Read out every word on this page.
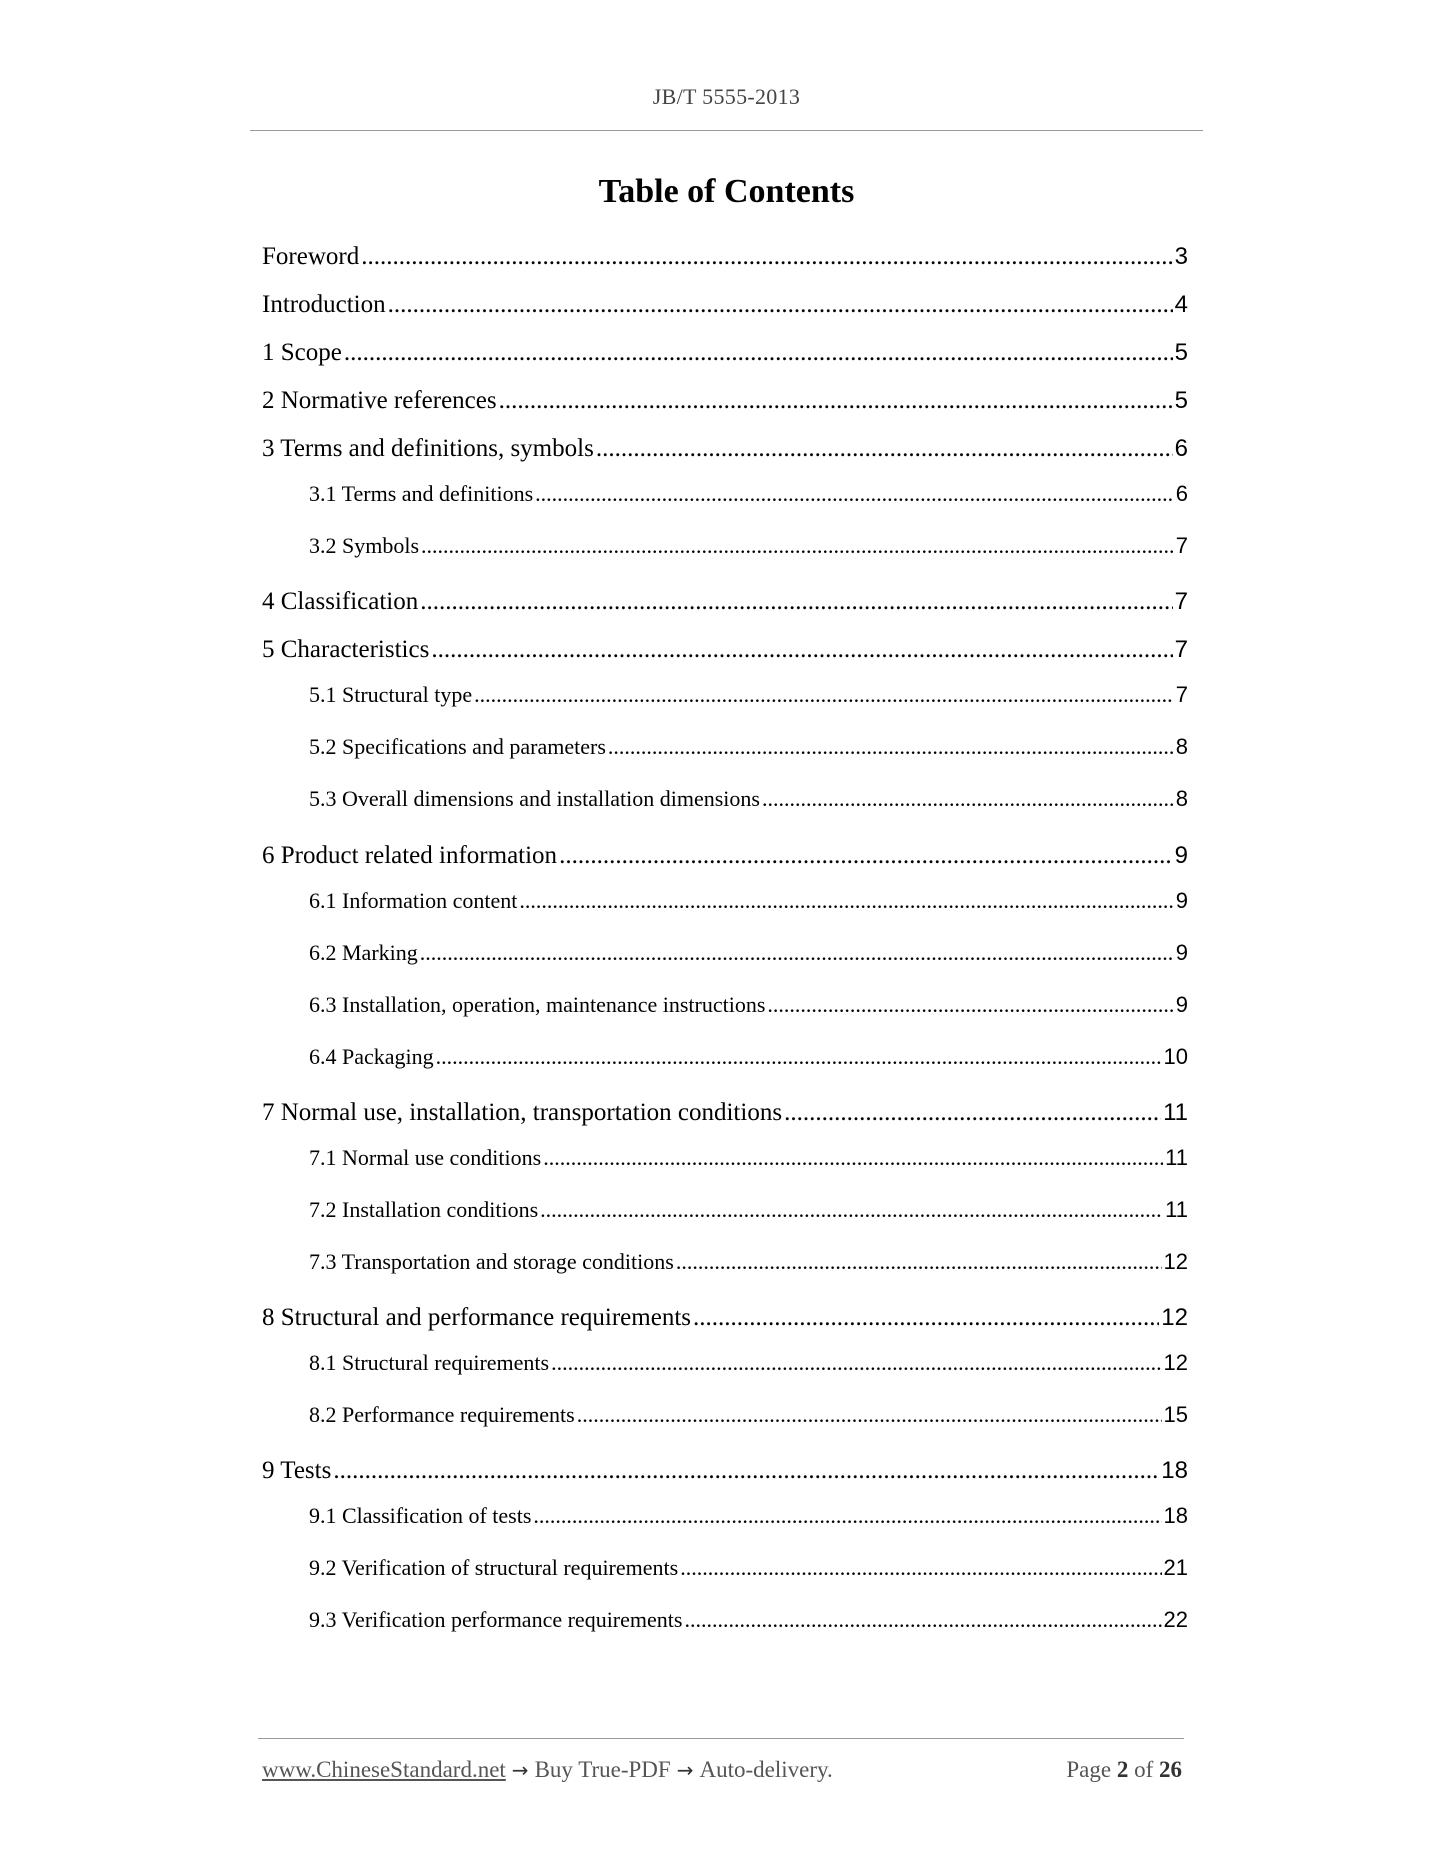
JB/T 5555-2013
Table of Contents
Foreword .....	3
Introduction .....	4
1 Scope .....	5
2 Normative references .....	5
3 Terms and definitions, symbols .....	6
3.1 Terms and definitions .....	6
3.2 Symbols .....	7
4 Classification .....	7
5 Characteristics .....	7
5.1 Structural type .....	7
5.2 Specifications and parameters .....	8
5.3 Overall dimensions and installation dimensions .....	8
6 Product related information .....	9
6.1 Information content .....	9
6.2 Marking .....	9
6.3 Installation, operation, maintenance instructions .....	9
6.4 Packaging .....	10
7 Normal use, installation, transportation conditions .....	11
7.1 Normal use conditions .....	11
7.2 Installation conditions .....	11
7.3 Transportation and storage conditions .....	12
8 Structural and performance requirements .....	12
8.1 Structural requirements .....	12
8.2 Performance requirements .....	15
9 Tests .....	18
9.1 Classification of tests .....	18
9.2 Verification of structural requirements .....	21
9.3 Verification performance requirements .....	22
www.ChineseStandard.net → Buy True-PDF → Auto-delivery.	Page 2 of 26
